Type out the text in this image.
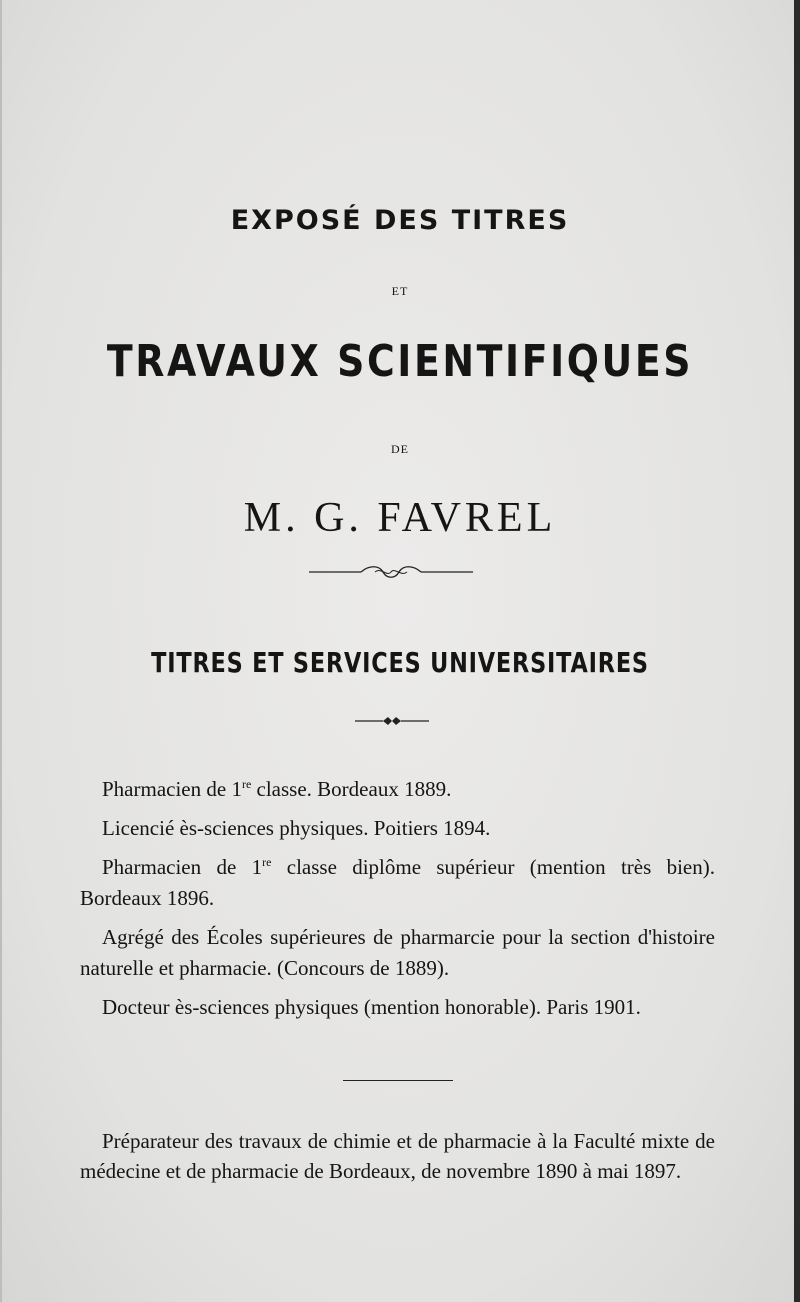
EXPOSÉ DES TITRES
ET
TRAVAUX SCIENTIFIQUES
DE
M. G. FAVREL
TITRES ET SERVICES UNIVERSITAIRES
Pharmacien de 1re classe. Bordeaux 1889.
Licencié ès-sciences physiques. Poitiers 1894.
Pharmacien de 1re classe diplôme supérieur (mention très bien). Bordeaux 1896.
Agrégé des Écoles supérieures de pharmarcie pour la section d'histoire naturelle et pharmacie. (Concours de 1889).
Docteur ès-sciences physiques (mention honorable). Paris 1901.
Préparateur des travaux de chimie et de pharmacie à la Faculté mixte de médecine et de pharmacie de Bordeaux, de novembre 1890 à mai 1897.
